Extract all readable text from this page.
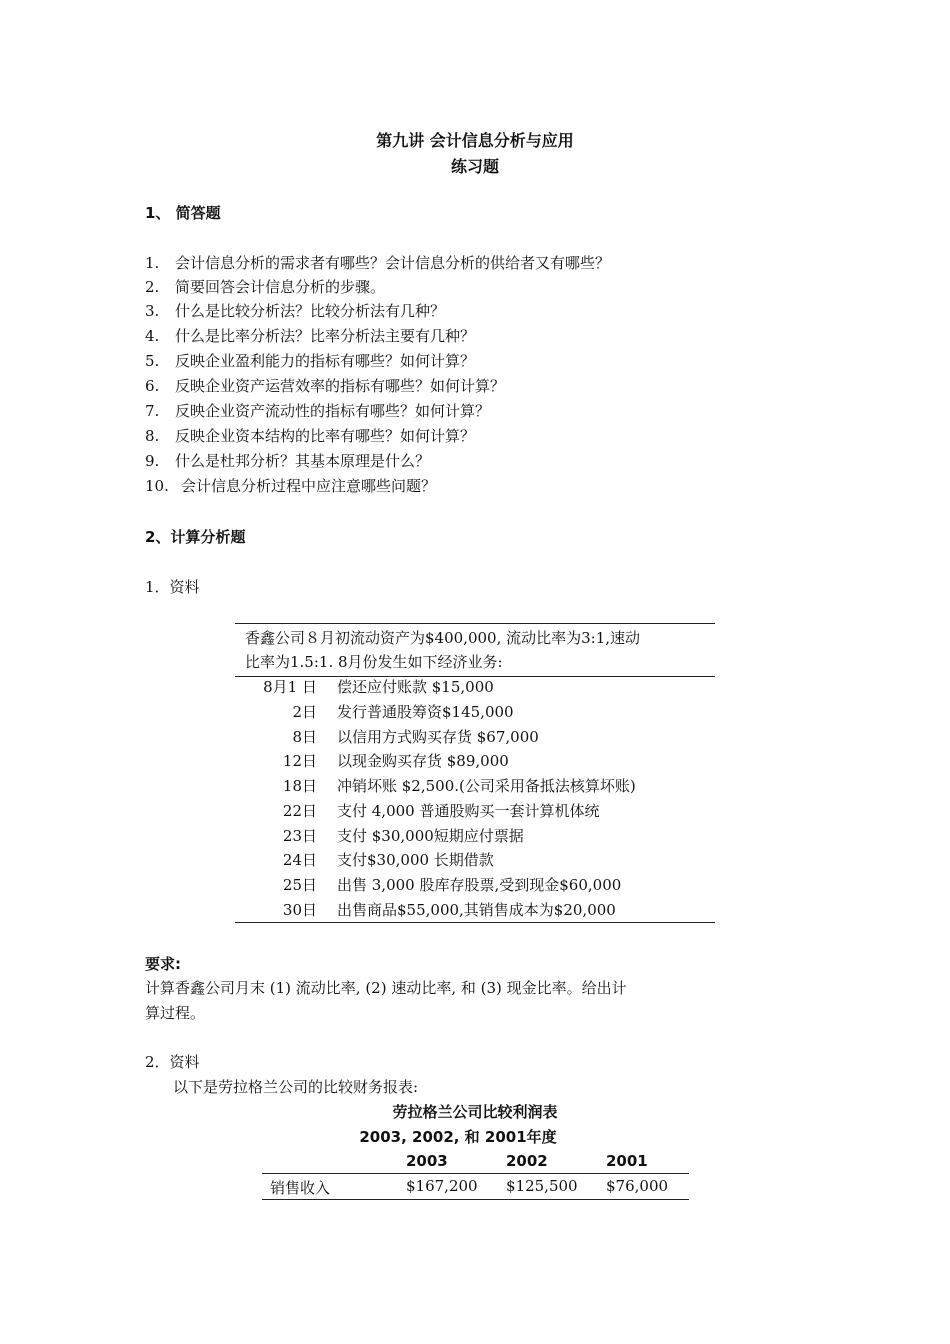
第九讲 会计信息分析与应用
练习题
1、 简答题
1. 会计信息分析的需求者有哪些？会计信息分析的供给者又有哪些？
2. 简要回答会计信息分析的步骤。
3. 什么是比较分析法？比较分析法有几种？
4. 什么是比率分析法？比率分析法主要有几种？
5. 反映企业盈利能力的指标有哪些？如何计算？
6. 反映企业资产运营效率的指标有哪些？如何计算？
7. 反映企业资产流动性的指标有哪些？如何计算？
8. 反映企业资本结构的比率有哪些？如何计算？
9. 什么是杜邦分析？其基本原理是什么？
10. 会计信息分析过程中应注意哪些问题？
2、计算分析题
1．资料
香鑫公司８月初流动资产为$400,000, 流动比率为3:1,速动
比率为1.5:1. 8月份发生如下经济业务:
8月1 日 偿还应付账款 $15,000
2日 发行普通股筹资$145,000
8日 以信用方式购买存货 $67,000
12日 以现金购买存货 $89,000
18日 冲销坏账 $2,500.(公司采用备抵法核算坏账)
22日 支付 4,000 普通股购买一套计算机体统
23日 支付 $30,000短期应付票据
24日 支付$30,000 长期借款
25日 出售 3,000 股库存股票,受到现金$60,000
30日 出售商品$55,000,其销售成本为$20,000
要求:
计算香鑫公司月末 (1) 流动比率, (2) 速动比率, 和 (3) 现金比率。给出计
算过程。
2．资料
以下是劳拉格兰公司的比较财务报表:
劳拉格兰公司比较利润表
2003, 2002, 和 2001年度
2003	2002	2001
销售收入	$167,200 $125,500 $76,000
